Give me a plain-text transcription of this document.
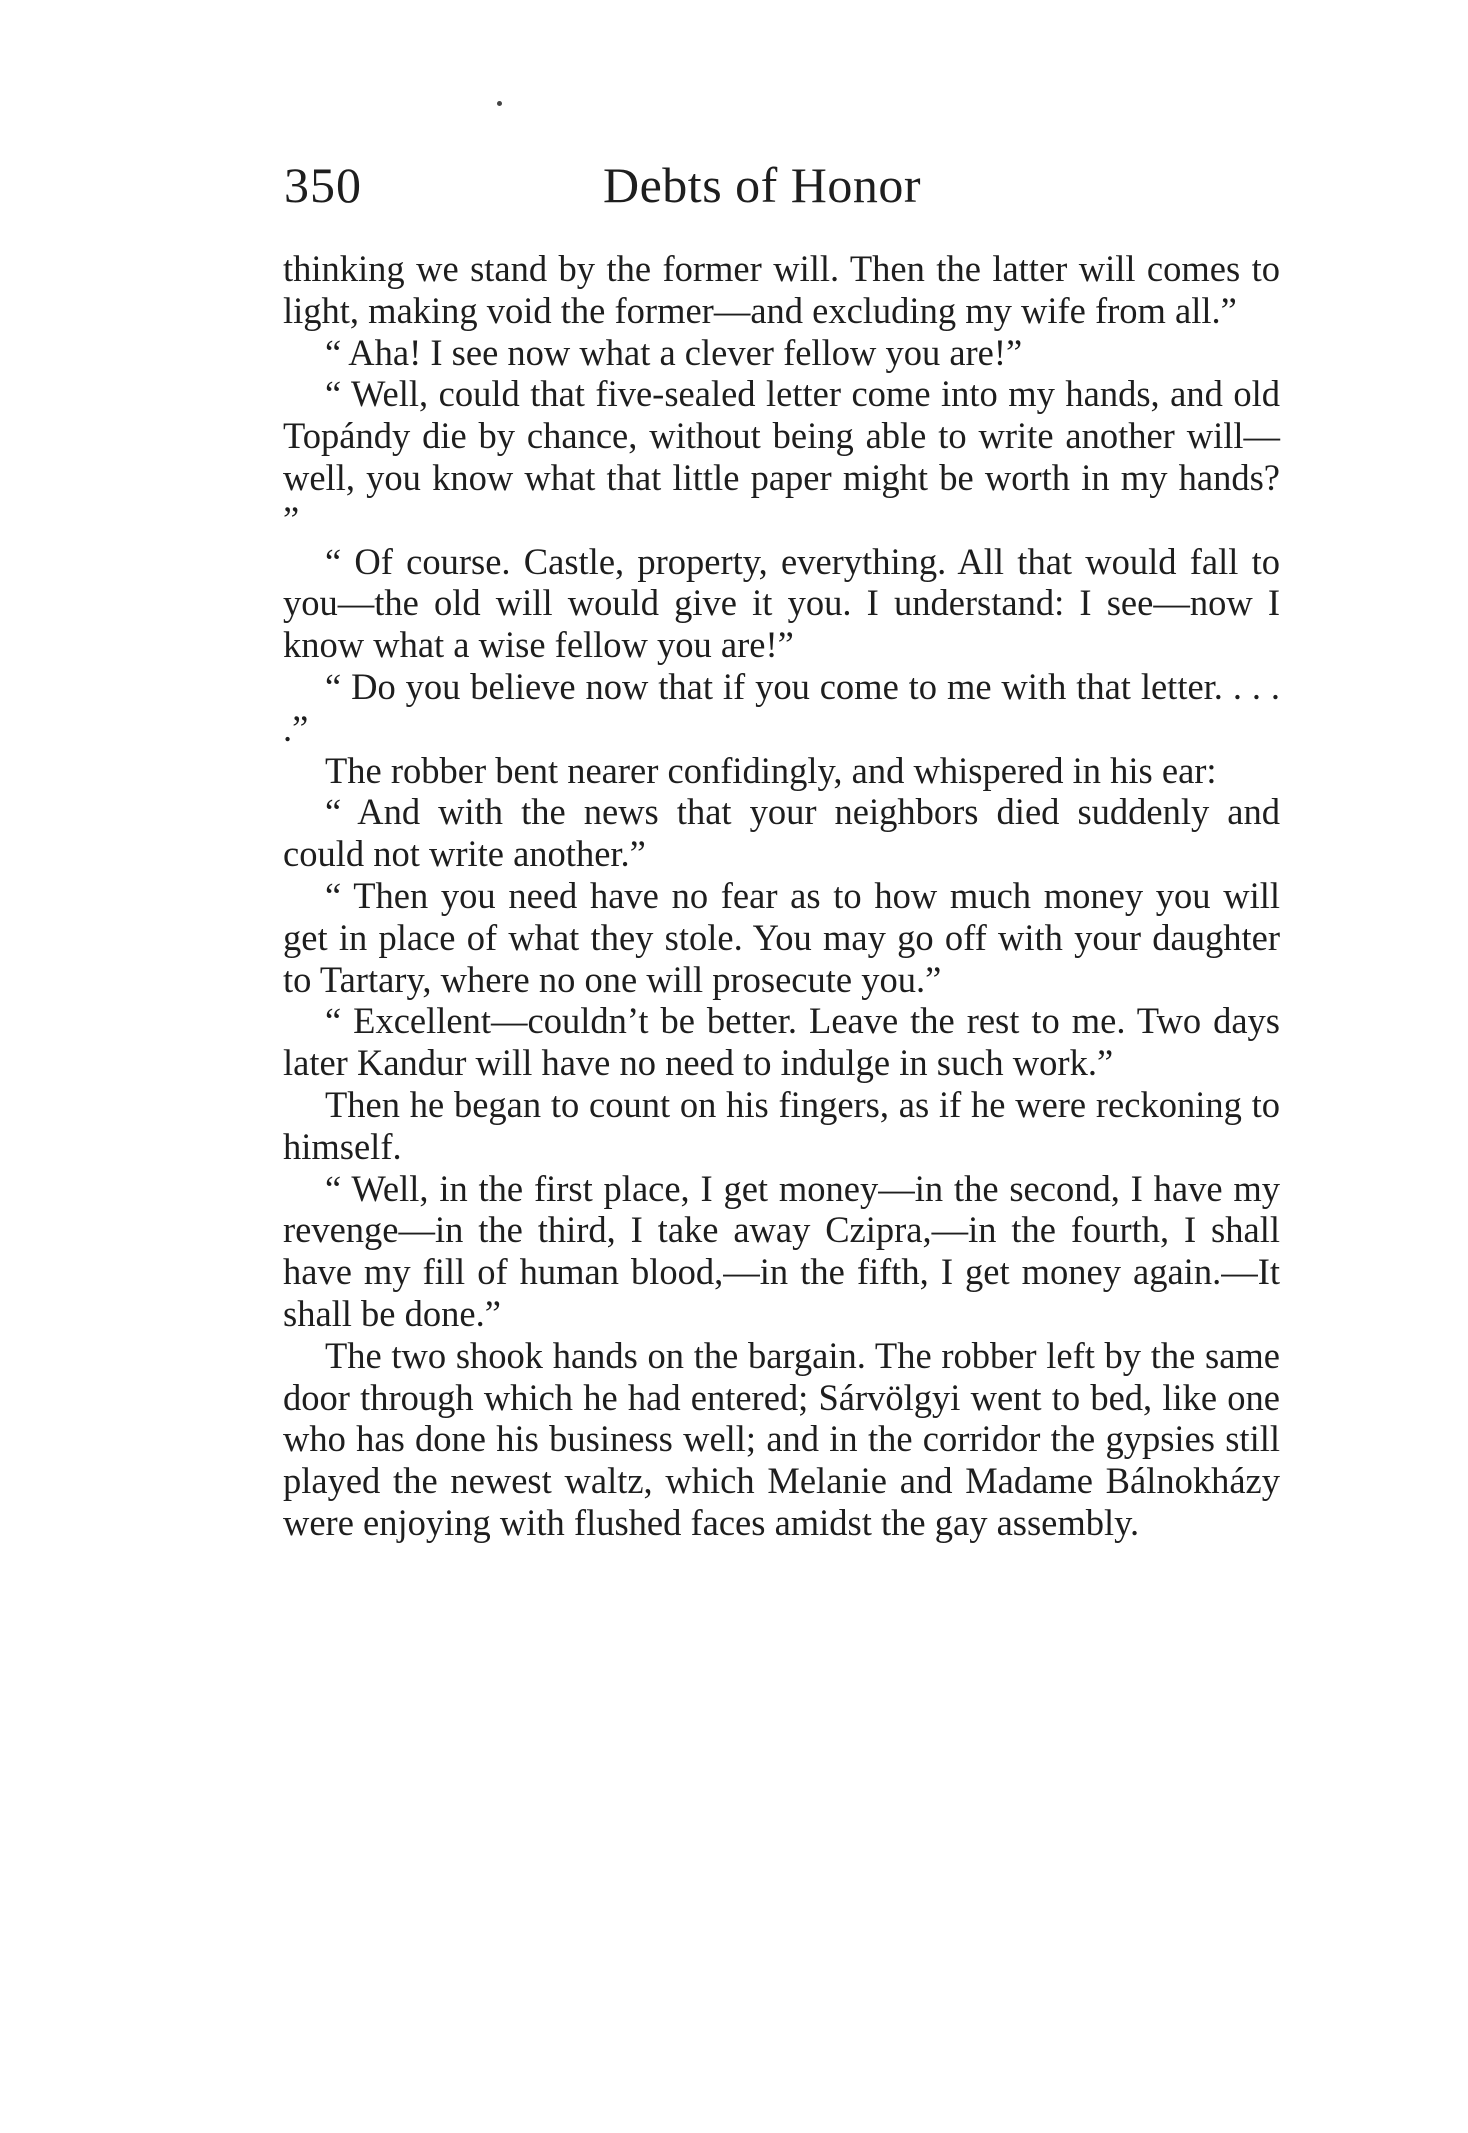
350	Debts of Honor

thinking we stand by the former will. Then the latter will comes to light, making void the former—and excluding my wife from all.”

“ Aha! I see now what a clever fellow you are!”

“ Well, could that five-sealed letter come into my hands, and old Topándy die by chance, without being able to write another will—well, you know what that little paper might be worth in my hands? ”

“ Of course. Castle, property, everything. All that would fall to you—the old will would give it you. I understand: I see—now I know what a wise fellow you are!”

“ Do you believe now that if you come to me with that letter. . . . .”

The robber bent nearer confidingly, and whispered in his ear:

“ And with the news that your neighbors died suddenly and could not write another.”

“ Then you need have no fear as to how much money you will get in place of what they stole. You may go off with your daughter to Tartary, where no one will prosecute you.”

“ Excellent—couldn’t be better. Leave the rest to me. Two days later Kandur will have no need to indulge in such work.”

Then he began to count on his fingers, as if he were reckoning to himself.

“ Well, in the first place, I get money—in the second, I have my revenge—in the third, I take away Czipra,—in the fourth, I shall have my fill of human blood,—in the fifth, I get money again.—It shall be done.”

The two shook hands on the bargain. The robber left by the same door through which he had entered; Sárvölgyi went to bed, like one who has done his business well; and in the corridor the gypsies still played the newest waltz, which Melanie and Madame Bálnokházy were enjoying with flushed faces amidst the gay assembly.
